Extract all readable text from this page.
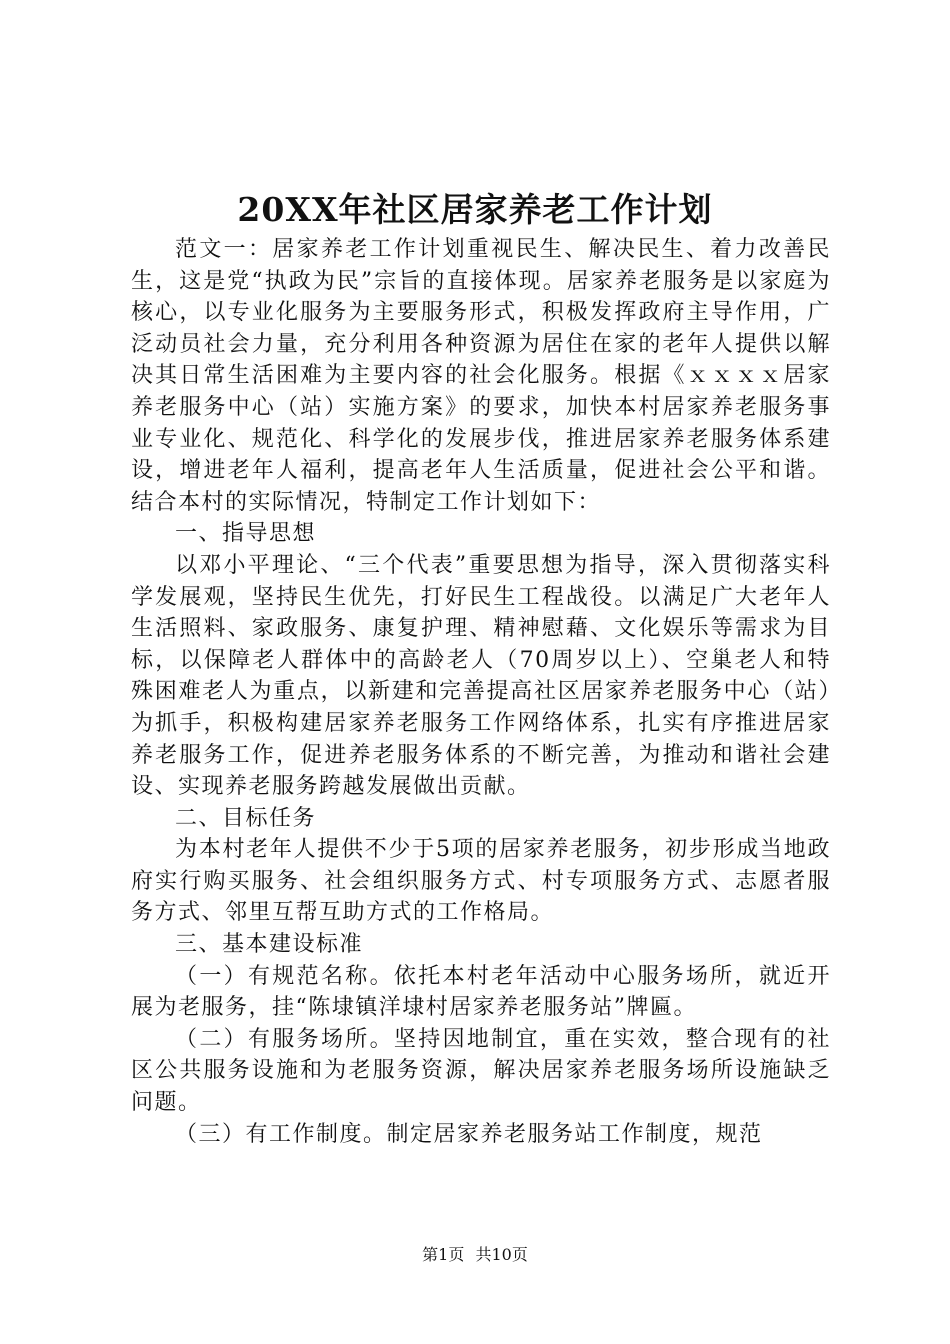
20XX年社区居家养老工作计划

范文一：居家养老工作计划重视民生、解决民生、着力改善民生，这是党“执政为民”宗旨的直接体现。居家养老服务是以家庭为核心，以专业化服务为主要服务形式，积极发挥政府主导作用，广泛动员社会力量，充分利用各种资源为居住在家的老年人提供以解决其日常生活困难为主要内容的社会化服务。根据《ｘｘｘｘ居家养老服务中心（站）实施方案》的要求，加快本村居家养老服务事业专业化、规范化、科学化的发展步伐，推进居家养老服务体系建设，增进老年人福利，提高老年人生活质量，促进社会公平和谐。结合本村的实际情况，特制定工作计划如下：

一、指导思想

以邓小平理论、“三个代表”重要思想为指导，深入贯彻落实科学发展观，坚持民生优先，打好民生工程战役。以满足广大老年人生活照料、家政服务、康复护理、精神慰藉、文化娱乐等需求为目标，以保障老人群体中的高龄老人（70周岁以上）、空巢老人和特殊困难老人为重点，以新建和完善提高社区居家养老服务中心（站）为抓手，积极构建居家养老服务工作网络体系，扎实有序推进居家养老服务工作，促进养老服务体系的不断完善，为推动和谐社会建设、实现养老服务跨越发展做出贡献。

二、目标任务

为本村老年人提供不少于5项的居家养老服务，初步形成当地政府实行购买服务、社会组织服务方式、村专项服务方式、志愿者服务方式、邻里互帮互助方式的工作格局。

三、基本建设标准

（一）有规范名称。依托本村老年活动中心服务场所，就近开展为老服务，挂“陈埭镇洋埭村居家养老服务站”牌匾。

（二）有服务场所。坚持因地制宜，重在实效，整合现有的社区公共服务设施和为老服务资源，解决居家养老服务场所设施缺乏问题。

（三）有工作制度。制定居家养老服务站工作制度，规范

第1页 共10页
